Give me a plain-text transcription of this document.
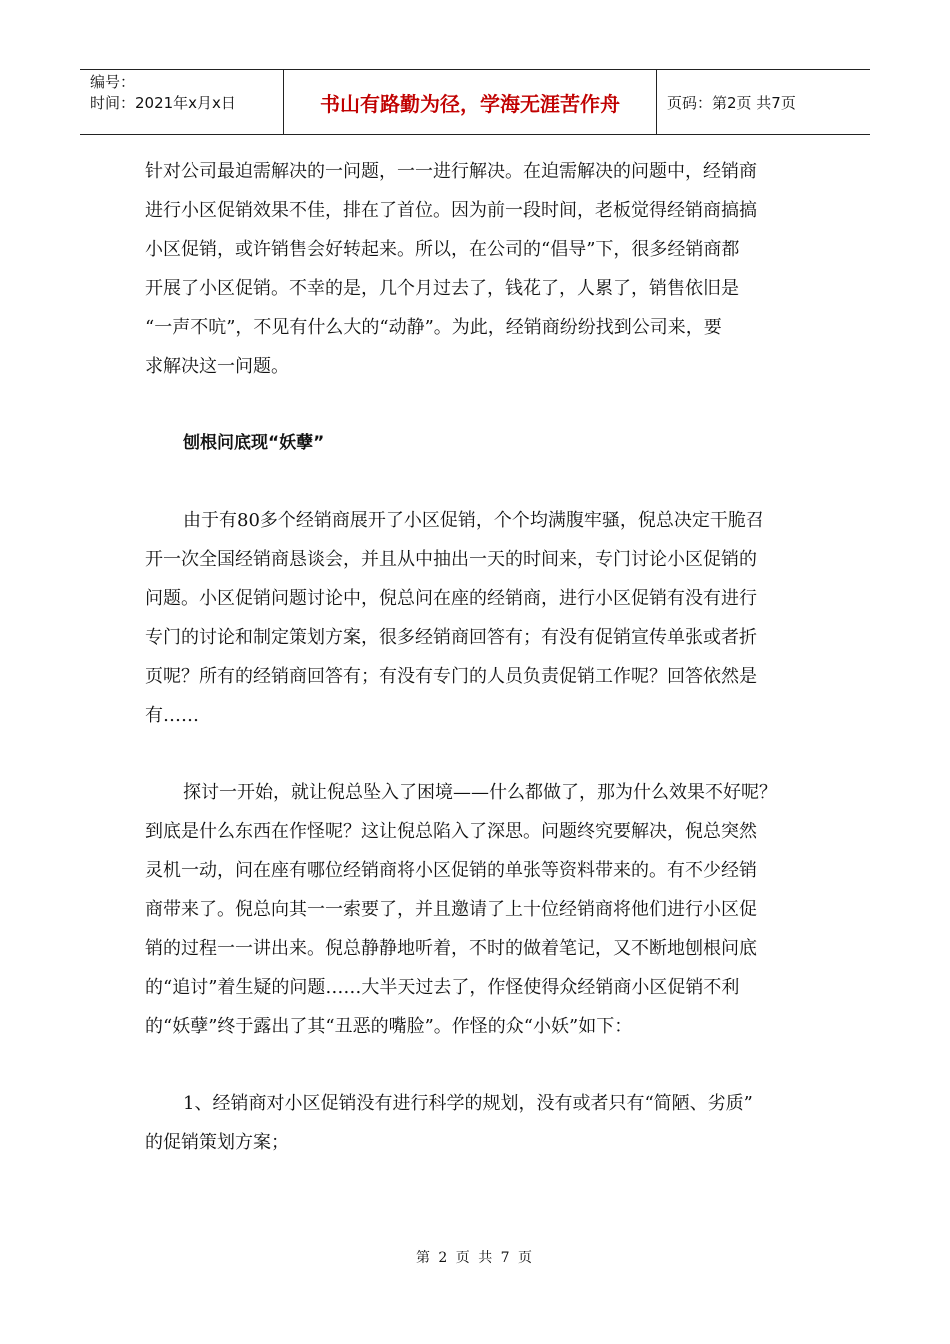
编号：
时间：2021年x月x日	书山有路勤为径，学海无涯苦作舟	页码：第2页 共7页

针对公司最迫需解决的一问题，一一进行解决。在迫需解决的问题中，经销商

进行小区促销效果不佳，排在了首位。因为前一段时间，老板觉得经销商搞搞

小区促销，或许销售会好转起来。所以，在公司的“倡导”下，很多经销商都

开展了小区促销。不幸的是，几个月过去了，钱花了，人累了，销售依旧是

“一声不吭”，不见有什么大的“动静”。为此，经销商纷纷找到公司来，要

求解决这一问题。

刨根问底现“妖孽”

由于有80多个经销商展开了小区促销，个个均满腹牢骚，倪总决定干脆召

开一次全国经销商恳谈会，并且从中抽出一天的时间来，专门讨论小区促销的

问题。小区促销问题讨论中，倪总问在座的经销商，进行小区促销有没有进行

专门的讨论和制定策划方案，很多经销商回答有；有没有促销宣传单张或者折

页呢？所有的经销商回答有；有没有专门的人员负责促销工作呢？回答依然是

有……

探讨一开始，就让倪总坠入了困境——什么都做了，那为什么效果不好呢？

到底是什么东西在作怪呢？这让倪总陷入了深思。问题终究要解决，倪总突然

灵机一动，问在座有哪位经销商将小区促销的单张等资料带来的。有不少经销

商带来了。倪总向其一一索要了，并且邀请了上十位经销商将他们进行小区促

销的过程一一讲出来。倪总静静地听着，不时的做着笔记，又不断地刨根问底

的“追讨”着生疑的问题……大半天过去了，作怪使得众经销商小区促销不利

的“妖孽”终于露出了其“丑恶的嘴脸”。作怪的众“小妖”如下：

1、经销商对小区促销没有进行科学的规划，没有或者只有“简陋、劣质”

的促销策划方案；

第 2 页 共 7 页
